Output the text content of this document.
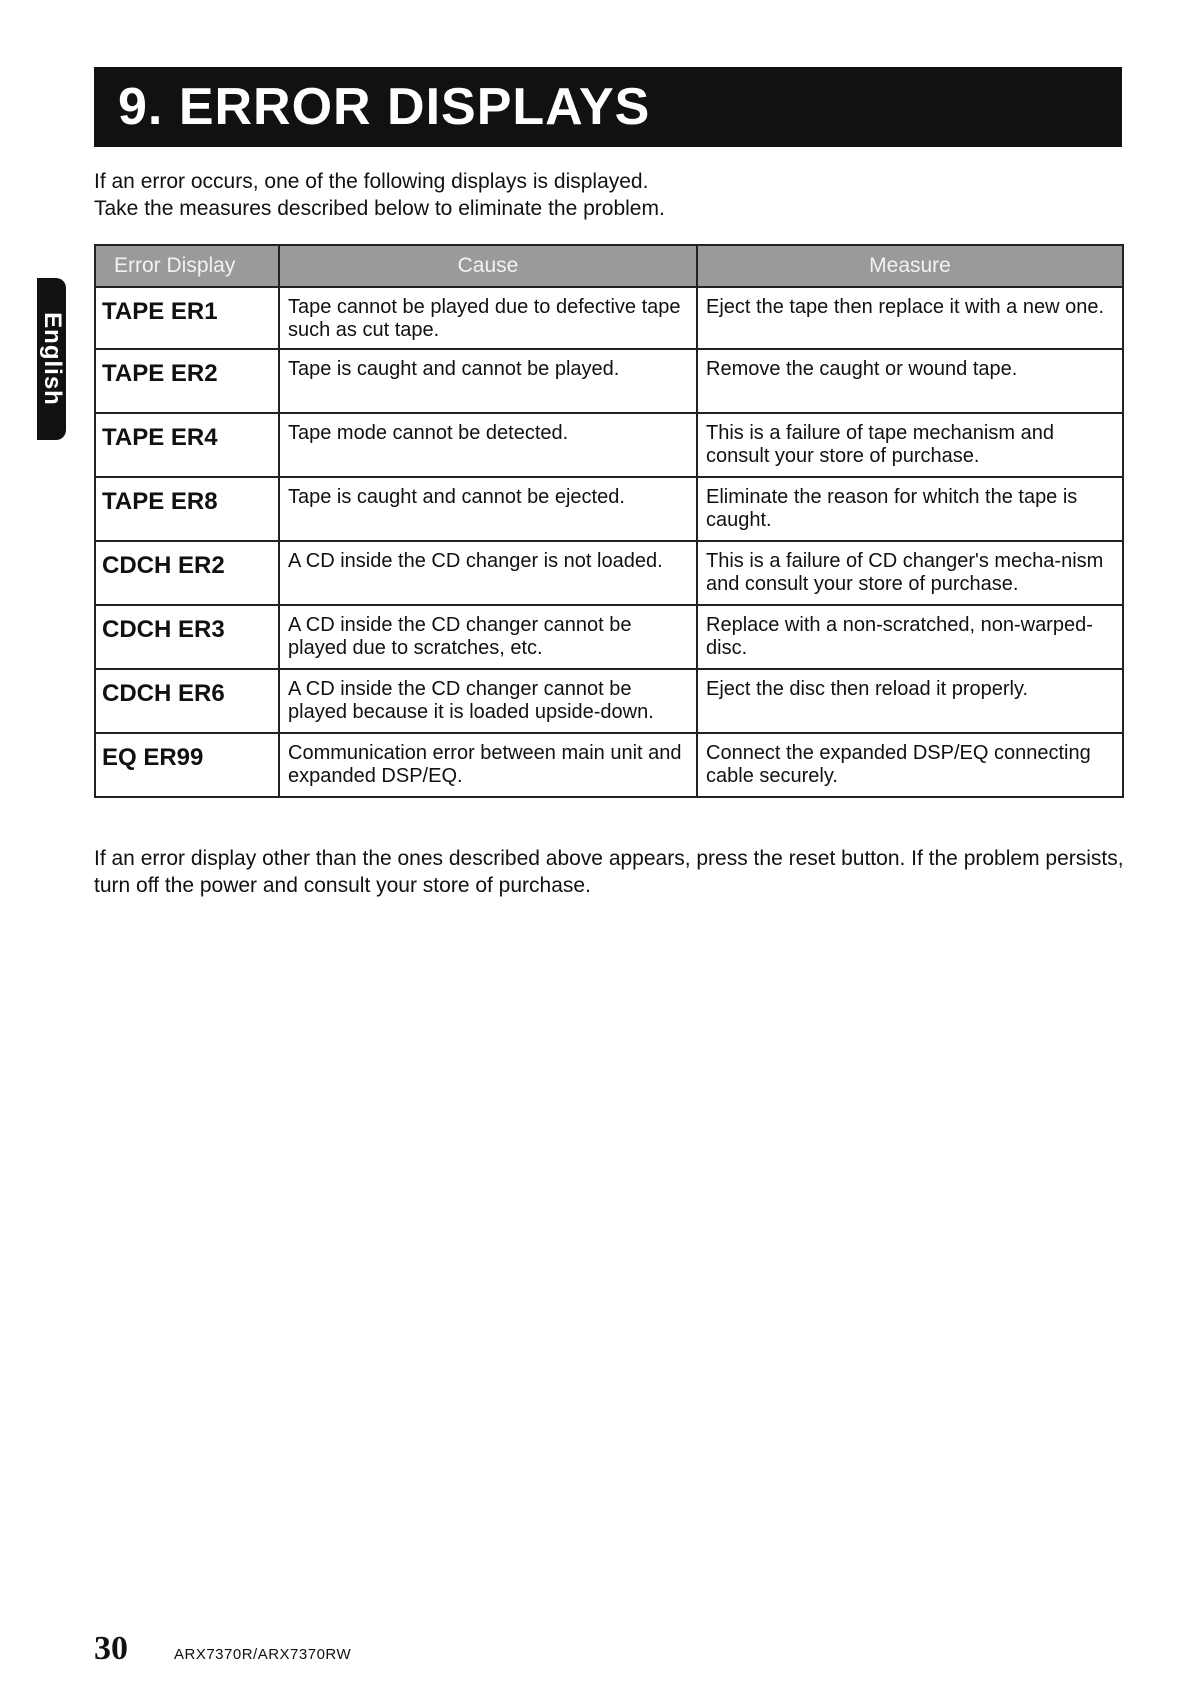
9. ERROR DISPLAYS
English
If an error occurs, one of the following displays is displayed.
Take the measures described below to eliminate the problem.
Error Display	Cause	Measure
TAPE ER1	Tape cannot be played due to defective tape such as cut tape.	Eject the tape then replace it with a new one.
TAPE ER2	Tape is caught and cannot be played.	Remove the caught or wound tape.
TAPE ER4	Tape mode cannot be detected.	This is a failure of tape mechanism and consult your store of purchase.
TAPE ER8	Tape is caught and cannot be ejected.	Eliminate the reason for whitch the tape is caught.
CDCH ER2	A CD inside the CD changer is not loaded.	This is a failure of CD changer's mecha-nism and consult your store of purchase.
CDCH ER3	A CD inside the CD changer cannot be played due to scratches, etc.	Replace with a non-scratched, non-warped-disc.
CDCH ER6	A CD inside the CD changer cannot be played because it is loaded upside-down.	Eject the disc then reload it properly.
EQ ER99	Communication error between main unit and expanded DSP/EQ.	Connect the expanded DSP/EQ connecting cable securely.
If an error display other than the ones described above appears, press the reset button. If the problem persists, turn off the power and consult your store of purchase.
30	ARX7370R/ARX7370RW
